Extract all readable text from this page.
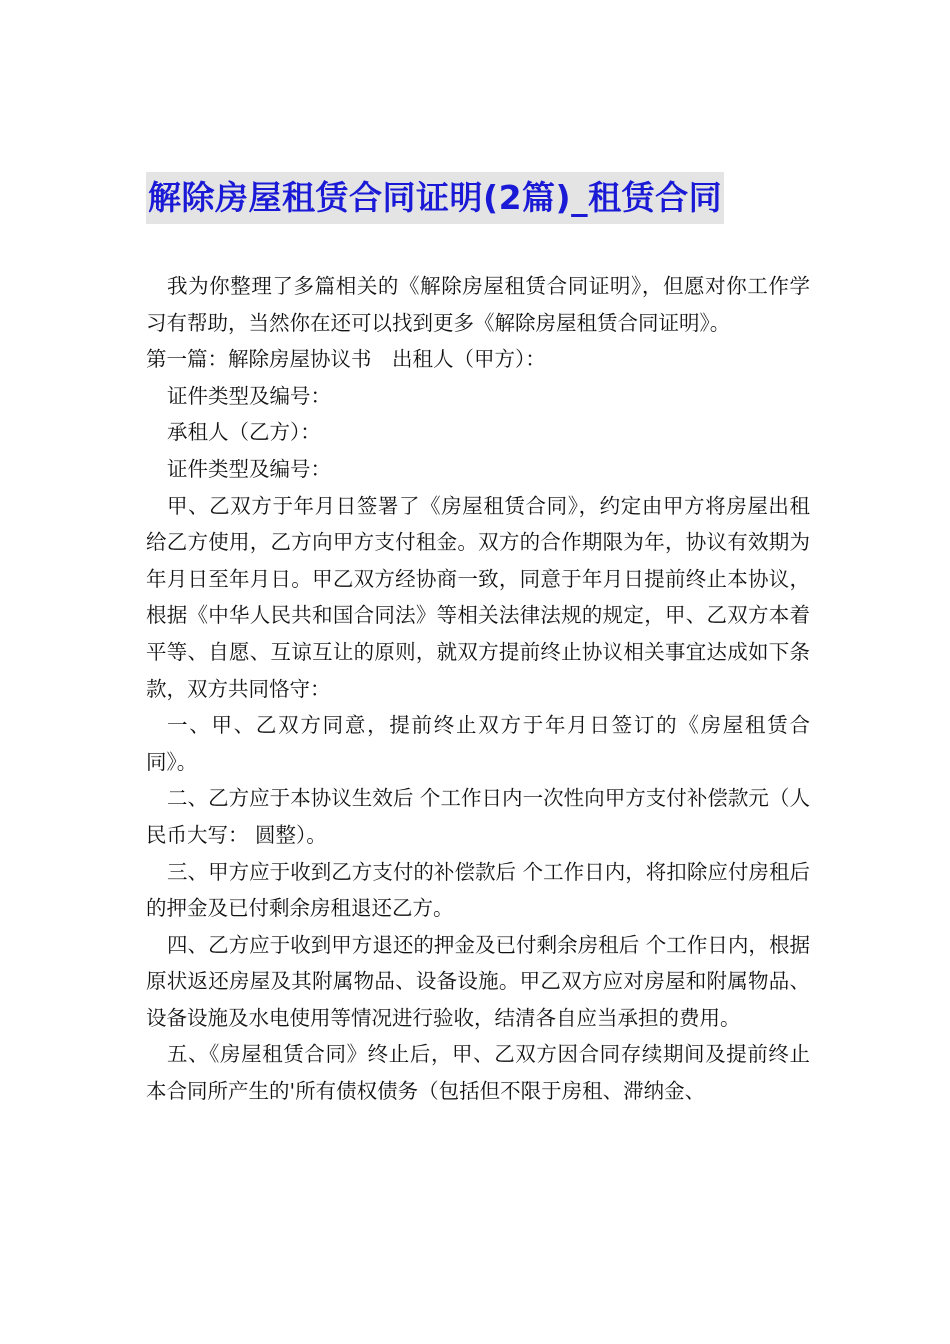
解除房屋租赁合同证明(2篇)_租赁合同

我为你整理了多篇相关的《解除房屋租赁合同证明》，但愿对你工作学习有帮助，当然你在还可以找到更多《解除房屋租赁合同证明》。

第一篇：解除房屋协议书　出租人（甲方）：

证件类型及编号：

承租人（乙方）：

证件类型及编号：

甲、乙双方于年月日签署了《房屋租赁合同》，约定由甲方将房屋出租给乙方使用，乙方向甲方支付租金。双方的合作期限为年，协议有效期为年月日至年月日。甲乙双方经协商一致，同意于年月日提前终止本协议，根据《中华人民共和国合同法》等相关法律法规的规定，甲、乙双方本着平等、自愿、互谅互让的原则，就双方提前终止协议相关事宜达成如下条款，双方共同恪守：

一、甲、乙双方同意，提前终止双方于年月日签订的《房屋租赁合同》。

二、乙方应于本协议生效后 个工作日内一次性向甲方支付补偿款元（人民币大写： 圆整）。

三、甲方应于收到乙方支付的补偿款后 个工作日内，将扣除应付房租后的押金及已付剩余房租退还乙方。

四、乙方应于收到甲方退还的押金及已付剩余房租后 个工作日内，根据原状返还房屋及其附属物品、设备设施。甲乙双方应对房屋和附属物品、设备设施及水电使用等情况进行验收，结清各自应当承担的费用。

五、《房屋租赁合同》终止后，甲、乙双方因合同存续期间及提前终止本合同所产生的'所有债权债务（包括但不限于房租、滞纳金、
